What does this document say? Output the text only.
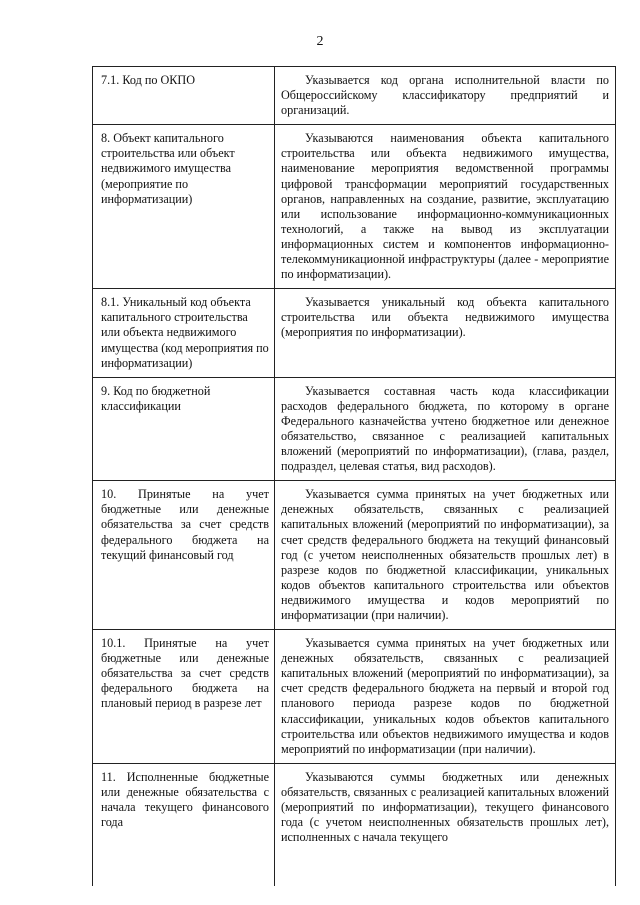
2
7.1. Код по ОКПО	Указывается код органа исполнительной власти по Общероссийскому классификатору предприятий и организаций.
8. Объект капитального строительства или объект недвижимого имущества (мероприятие по информатизации)	Указываются наименования объекта капитального строительства или объекта недвижимого имущества, наименование мероприятия ведомственной программы цифровой трансформации мероприятий государственных органов, направленных на создание, развитие, эксплуатацию или использование информационно-коммуникационных технологий, а также на вывод из эксплуатации информационных систем и компонентов информационно-телекоммуникационной инфраструктуры (далее - мероприятие по информатизации).
8.1. Уникальный код объекта капитального строительства или объекта недвижимого имущества (код мероприятия по информатизации)	Указывается уникальный код объекта капитального строительства или объекта недвижимого имущества (мероприятия по информатизации).
9. Код по бюджетной классификации	Указывается составная часть кода классификации расходов федерального бюджета, по которому в органе Федерального казначейства учтено бюджетное или денежное обязательство, связанное с реализацией капитальных вложений (мероприятий по информатизации), (глава, раздел, подраздел, целевая статья, вид расходов).
10. Принятые на учет бюджетные или денежные обязательства за счет средств федерального бюджета на текущий финансовый год	Указывается сумма принятых на учет бюджетных или денежных обязательств, связанных с реализацией капитальных вложений (мероприятий по информатизации), за счет средств федерального бюджета на текущий финансовый год (с учетом неисполненных обязательств прошлых лет) в разрезе кодов по бюджетной классификации, уникальных кодов объектов капитального строительства или объектов недвижимого имущества и кодов мероприятий по информатизации (при наличии).
10.1. Принятые на учет бюджетные или денежные обязательства за счет средств федерального бюджета на плановый период в разрезе лет	Указывается сумма принятых на учет бюджетных или денежных обязательств, связанных с реализацией капитальных вложений (мероприятий по информатизации), за счет средств федерального бюджета на первый и второй год планового периода разрезе кодов по бюджетной классификации, уникальных кодов объектов капитального строительства или объектов недвижимого имущества и кодов мероприятий по информатизации (при наличии).
11. Исполненные бюджетные или денежные обязательства с начала текущего финансового года	Указываются суммы бюджетных или денежных обязательств, связанных с реализацией капитальных вложений (мероприятий по информатизации), текущего финансового года (с учетом неисполненных обязательств прошлых лет), исполненных с начала текущего
